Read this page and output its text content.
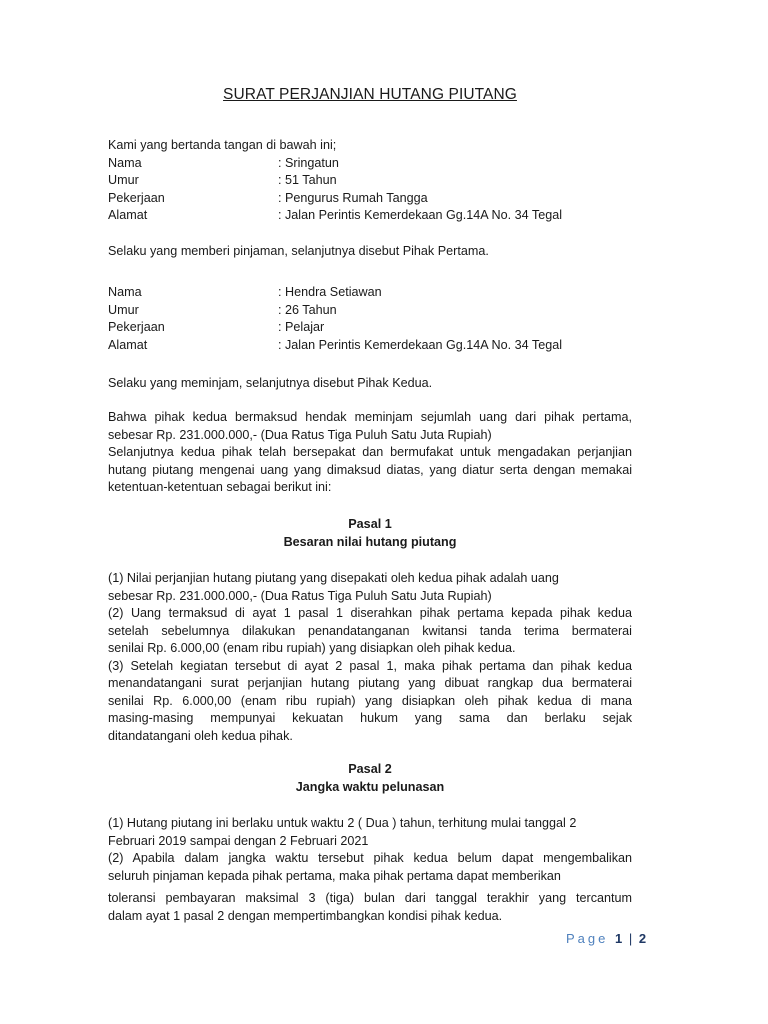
SURAT PERJANJIAN HUTANG PIUTANG
Kami yang bertanda tangan di bawah ini;
Nama	: Sringatun
Umur	: 51 Tahun
Pekerjaan	: Pengurus Rumah Tangga
Alamat	: Jalan Perintis Kemerdekaan Gg.14A No. 34 Tegal
Selaku yang memberi pinjaman, selanjutnya disebut Pihak Pertama.
Nama	: Hendra Setiawan
Umur	: 26 Tahun
Pekerjaan	: Pelajar
Alamat	: Jalan Perintis Kemerdekaan Gg.14A No. 34 Tegal
Selaku yang meminjam, selanjutnya disebut Pihak Kedua.
Bahwa pihak kedua bermaksud hendak meminjam sejumlah uang dari pihak pertama,
sebesar Rp. 231.000.000,- (Dua Ratus Tiga Puluh Satu Juta Rupiah)
Selanjutnya kedua pihak telah bersepakat dan bermufakat untuk mengadakan perjanjian
hutang piutang mengenai uang yang dimaksud diatas, yang diatur serta dengan memakai
ketentuan-ketentuan sebagai berikut ini:
Pasal 1
Besaran nilai hutang piutang
(1) Nilai perjanjian hutang piutang yang disepakati oleh kedua pihak adalah uang
sebesar Rp. 231.000.000,- (Dua Ratus Tiga Puluh Satu Juta Rupiah)
(2) Uang termaksud di ayat 1 pasal 1 diserahkan pihak pertama kepada pihak kedua
setelah sebelumnya dilakukan penandatanganan kwitansi tanda terima bermaterai
senilai Rp. 6.000,00 (enam ribu rupiah) yang disiapkan oleh pihak kedua.
(3) Setelah kegiatan tersebut di ayat 2 pasal 1, maka pihak pertama dan pihak kedua
menandatangani surat perjanjian hutang piutang yang dibuat rangkap dua bermaterai
senilai Rp. 6.000,00 (enam ribu rupiah) yang disiapkan oleh pihak kedua di mana
masing-masing mempunyai kekuatan hukum yang sama dan berlaku sejak
ditandatangani oleh kedua pihak.
Pasal 2
Jangka waktu pelunasan
(1) Hutang piutang ini berlaku untuk waktu 2 ( Dua ) tahun, terhitung mulai tanggal 2
Februari 2019 sampai dengan 2 Februari 2021
(2) Apabila dalam jangka waktu tersebut pihak kedua belum dapat mengembalikan
seluruh pinjaman kepada pihak pertama, maka pihak pertama dapat memberikan
toleransi pembayaran maksimal 3 (tiga) bulan dari tanggal terakhir yang tercantum
dalam ayat 1 pasal 2 dengan mempertimbangkan kondisi pihak kedua.
Page 1 | 2
